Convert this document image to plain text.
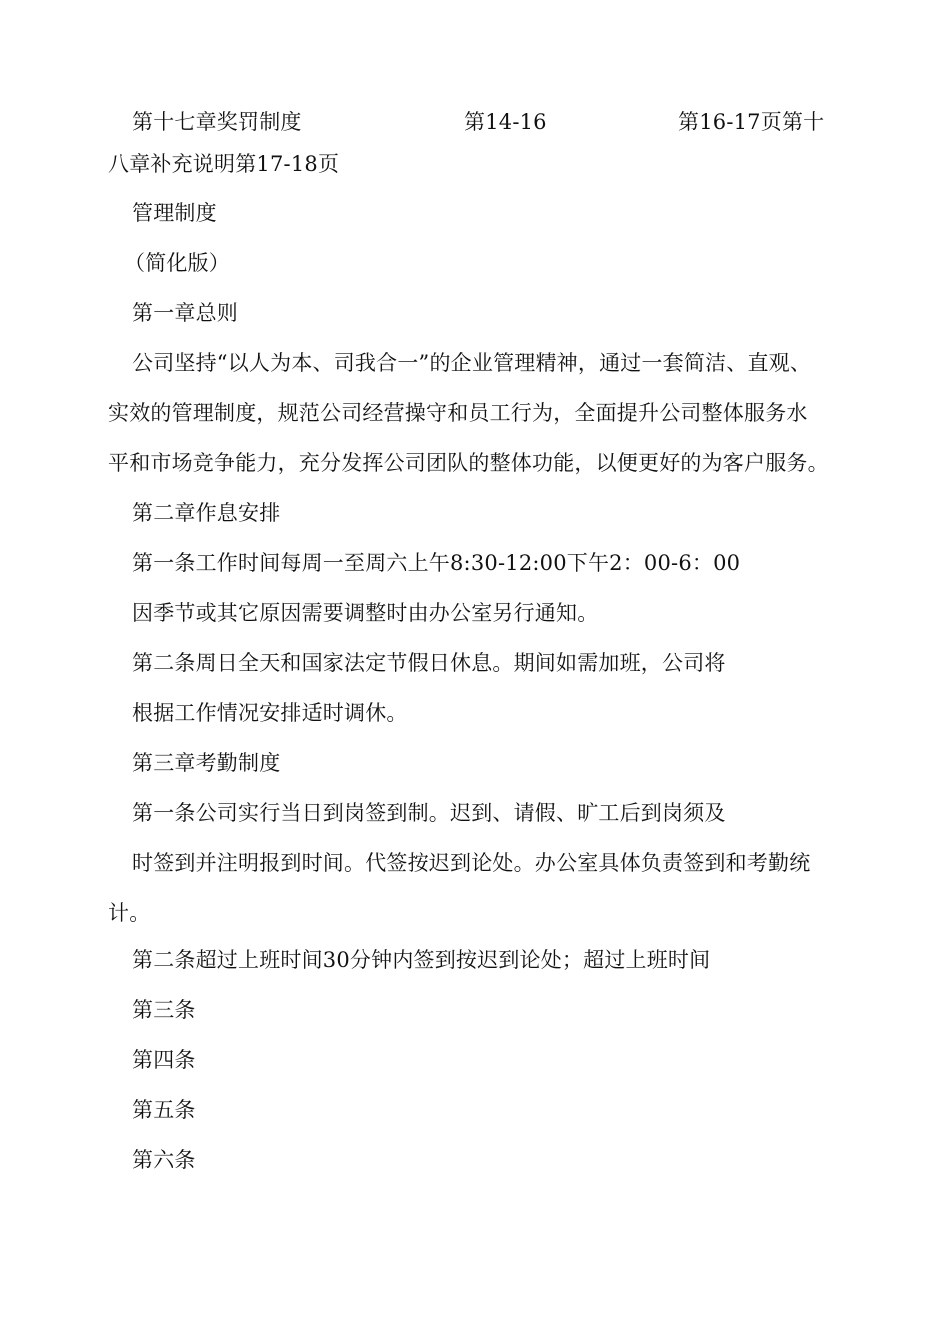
第十七章奖罚制度	第14-16	第16-17页第十
八章补充说明第17-18页
管理制度
（简化版）
第一章总则
公司坚持“以人为本、司我合一”的企业管理精神，通过一套简洁、直观、
实效的管理制度，规范公司经营操守和员工行为，全面提升公司整体服务水
平和市场竞争能力，充分发挥公司团队的整体功能，以便更好的为客户服务。
第二章作息安排
第一条工作时间每周一至周六上午8:30-12:00下午2：00-6：00
因季节或其它原因需要调整时由办公室另行通知。
第二条周日全天和国家法定节假日休息。期间如需加班，公司将
根据工作情况安排适时调休。
第三章考勤制度
第一条公司实行当日到岗签到制。迟到、请假、旷工后到岗须及
时签到并注明报到时间。代签按迟到论处。办公室具体负责签到和考勤统
计。
第二条超过上班时间30分钟内签到按迟到论处；超过上班时间
第三条
第四条
第五条
第六条
